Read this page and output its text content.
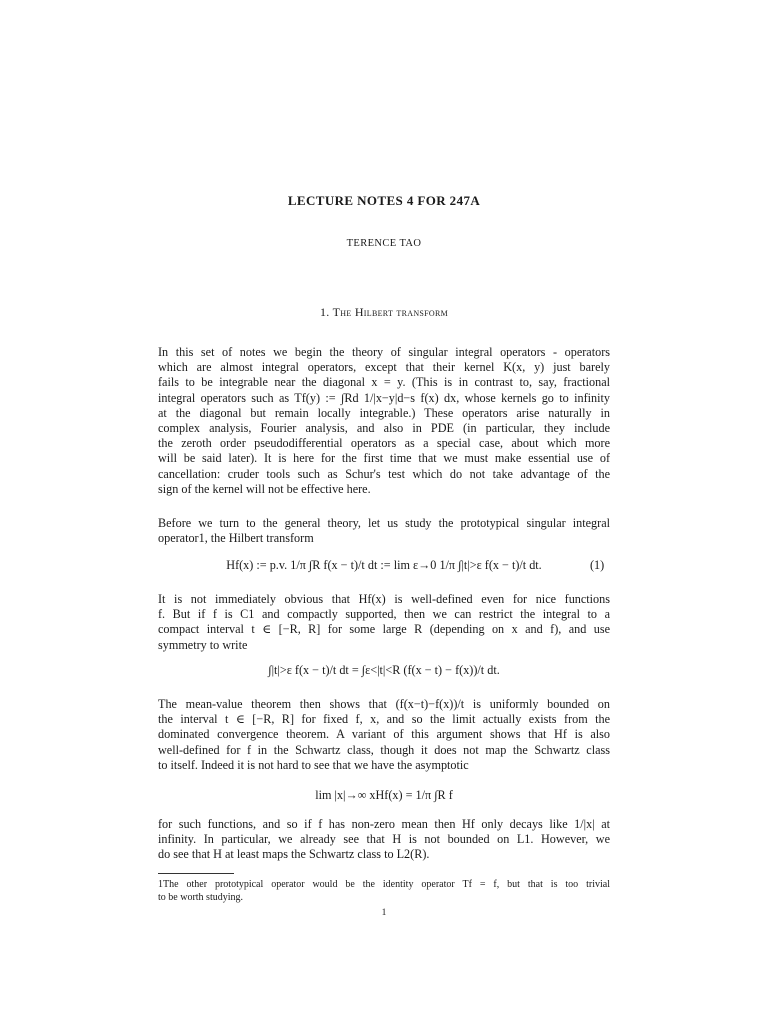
LECTURE NOTES 4 FOR 247A
TERENCE TAO
1. The Hilbert transform
In this set of notes we begin the theory of singular integral operators - operators
which are almost integral operators, except that their kernel K(x, y) just barely
fails to be integrable near the diagonal x = y. (This is in contrast to, say, fractional
integral operators such as Tf(y) := ∫Rd 1/|x−y|d−s f(x) dx, whose kernels go to infinity
at the diagonal but remain locally integrable.) These operators arise naturally in
complex analysis, Fourier analysis, and also in PDE (in particular, they include
the zeroth order pseudodifferential operators as a special case, about which more
will be said later). It is here for the first time that we must make essential use of
cancellation: cruder tools such as Schur's test which do not take advantage of the
sign of the kernel will not be effective here.
Before we turn to the general theory, let us study the prototypical singular integral
operator1, the Hilbert transform
Hf(x) := p.v. 1/π ∫R f(x − t)/t dt := lim ε→0 1/π ∫|t|>ε f(x − t)/t dt.	(1)
It is not immediately obvious that Hf(x) is well-defined even for nice functions
f. But if f is C1 and compactly supported, then we can restrict the integral to a
compact interval t ∈ [−R, R] for some large R (depending on x and f), and use
symmetry to write
∫|t|>ε f(x − t)/t dt = ∫ε<|t|<R (f(x − t) − f(x))/t dt.
The mean-value theorem then shows that (f(x−t)−f(x))/t is uniformly bounded on
the interval t ∈ [−R, R] for fixed f, x, and so the limit actually exists from the
dominated convergence theorem. A variant of this argument shows that Hf is also
well-defined for f in the Schwartz class, though it does not map the Schwartz class
to itself. Indeed it is not hard to see that we have the asymptotic
lim |x|→∞ xHf(x) = 1/π ∫R f
for such functions, and so if f has non-zero mean then Hf only decays like 1/|x| at
infinity. In particular, we already see that H is not bounded on L1. However, we
do see that H at least maps the Schwartz class to L2(R).
1The other prototypical operator would be the identity operator Tf = f, but that is too trivial
to be worth studying.
1
